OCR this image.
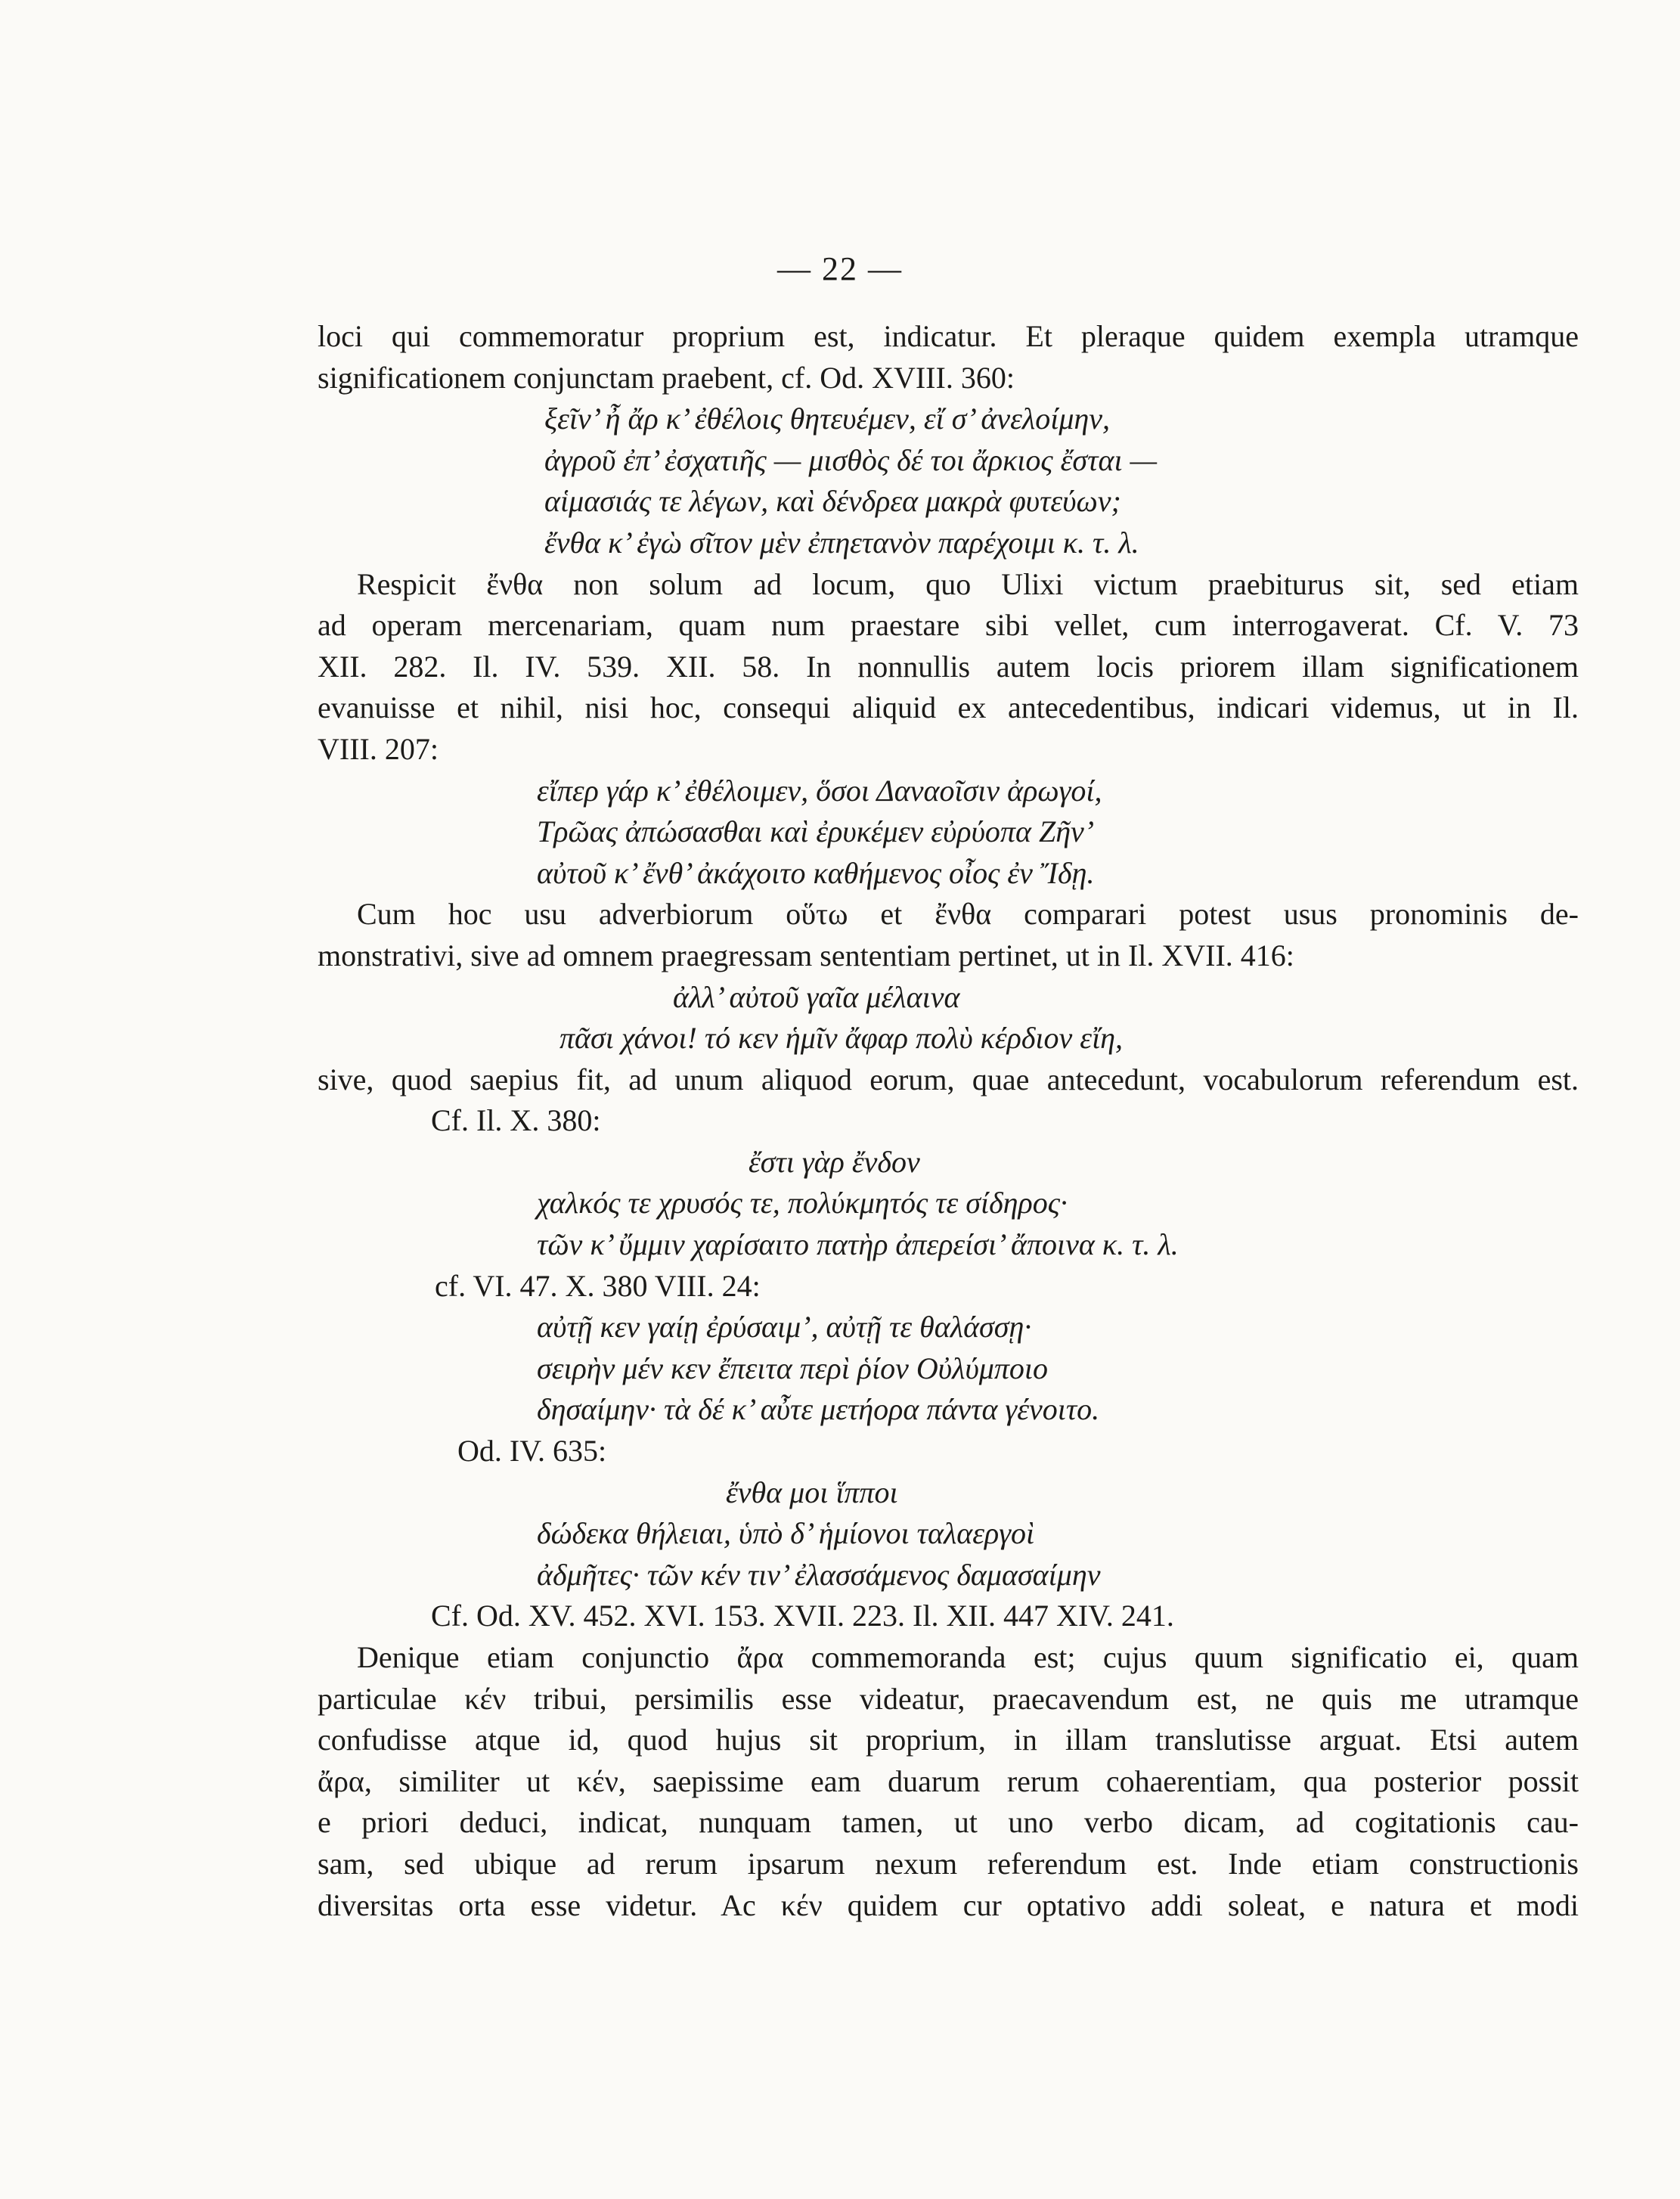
— 22 —
loci qui commemoratur proprium est, indicatur. Et pleraque quidem exempla utramque
significationem conjunctam praebent, cf. Od. XVIII. 360:
ξεῖν’ ἦ ἄρ κ’ ἐθέλοις θητευέμεν, εἴ σ’ ἀνελοίμην,
ἀγροῦ ἐπ’ ἐσχατιῆς — μισθὸς δέ τοι ἄρκιος ἔσται —
αἱμασιάς τε λέγων, καὶ δένδρεα μακρὰ φυτεύων;
ἔνθα κ’ ἐγὼ σῖτον μὲν ἐπηετανὸν παρέχοιμι κ. τ. λ.
Respicit ἔνθα non solum ad locum, quo Ulixi victum praebiturus sit, sed etiam
ad operam mercenariam, quam num praestare sibi vellet, cum interrogaverat. Cf. V. 73
XII. 282. Il. IV. 539. XII. 58. In nonnullis autem locis priorem illam significationem
evanuisse et nihil, nisi hoc, consequi aliquid ex antecedentibus, indicari videmus, ut in Il.
VIII. 207:
εἴπερ γάρ κ’ ἐθέλοιμεν, ὅσοι Δαναοῖσιν ἀρωγοί,
Τρῶας ἀπώσασθαι καὶ ἐρυκέμεν εὐρύοπα Ζῆν’
αὐτοῦ κ’ ἔνθ’ ἀκάχοιτο καθήμενος οἶος ἐν Ἴδῃ.
Cum hoc usu adverbiorum οὕτω et ἔνθα comparari potest usus pronominis de-
monstrativi, sive ad omnem praegressam sententiam pertinet, ut in Il. XVII. 416:
ἀλλ’ αὐτοῦ γαῖα μέλαινα
πᾶσι χάνοι! τό κεν ἡμῖν ἄφαρ πολὺ κέρδιον εἴη,
sive, quod saepius fit, ad unum aliquod eorum, quae antecedunt, vocabulorum referendum est.
Cf. Il. X. 380:
ἔστι γὰρ ἔνδον
χαλκός τε χρυσός τε, πολύκμητός τε σίδηρος·
τῶν κ’ ὔμμιν χαρίσαιτο πατὴρ ἀπερείσι’ ἄποινα κ. τ. λ.
cf. VI. 47. X. 380 VIII. 24:
αὐτῇ κεν γαίῃ ἐρύσαιμ’, αὐτῇ τε θαλάσσῃ·
σειρὴν μέν κεν ἔπειτα περὶ ῥίον Οὐλύμποιο
δησαίμην· τὰ δέ κ’ αὖτε μετήορα πάντα γένοιτο.
Od. IV. 635:
ἔνθα μοι ἵπποι
δώδεκα θήλειαι, ὑπὸ δ’ ἡμίονοι ταλαεργοὶ
ἀδμῆτες· τῶν κέν τιν’ ἐλασσάμενος δαμασαίμην
Cf. Od. XV. 452. XVI. 153. XVII. 223. Il. XII. 447 XIV. 241.
Denique etiam conjunctio ἄρα commemoranda est; cujus quum significatio ei, quam
particulae κέν tribui, persimilis esse videatur, praecavendum est, ne quis me utramque
confudisse atque id, quod hujus sit proprium, in illam translutisse arguat. Etsi autem
ἄρα, similiter ut κέν, saepissime eam duarum rerum cohaerentiam, qua posterior possit
e priori deduci, indicat, nunquam tamen, ut uno verbo dicam, ad cogitationis cau-
sam, sed ubique ad rerum ipsarum nexum referendum est. Inde etiam constructionis
diversitas orta esse videtur. Ac κέν quidem cur optativo addi soleat, e natura et modi
